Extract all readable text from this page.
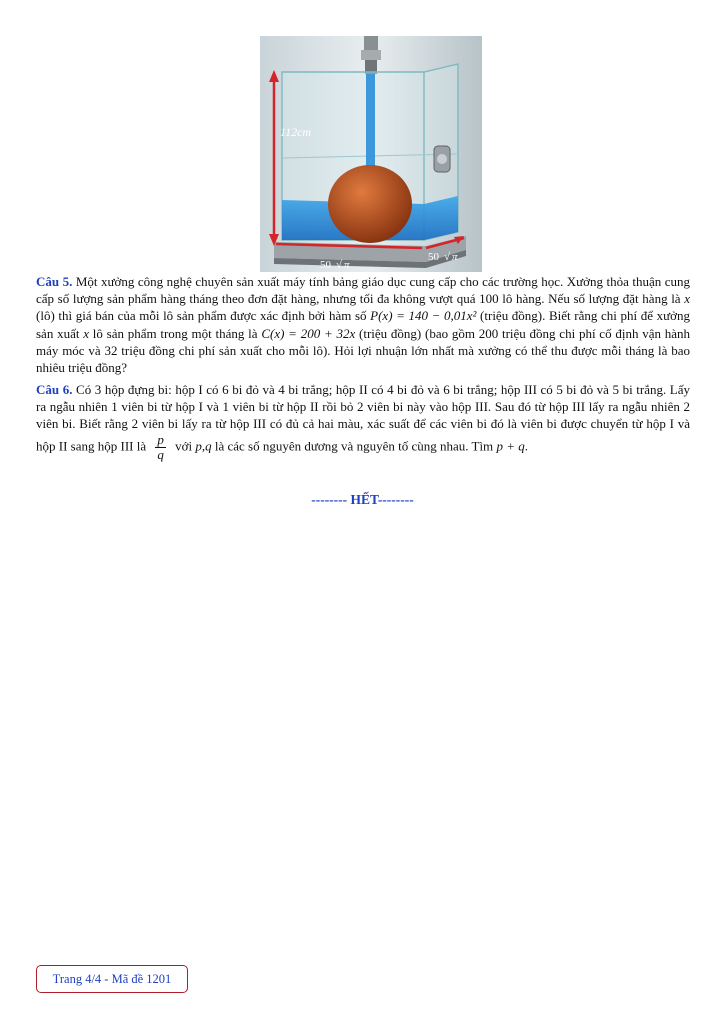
112cm
50 √ π
50 √ π
Câu 5. Một xưởng công nghệ chuyên sản xuất máy tính bảng giáo dục cung cấp cho các trường học. Xưởng thỏa thuận cung cấp số lượng sản phẩm hàng tháng theo đơn đặt hàng, nhưng tối đa không vượt quá 100 lô hàng. Nếu số lượng đặt hàng là x (lô) thì giá bán của mỗi lô sản phẩm được xác định bởi hàm số P(x) = 140 − 0,01x² (triệu đồng). Biết rằng chi phí để xưởng sản xuất x lô sản phẩm trong một tháng là C(x) = 200 + 32x (triệu đồng) (bao gồm 200 triệu đồng chi phí cố định vận hành máy móc và 32 triệu đồng chi phí sản xuất cho mỗi lô). Hỏi lợi nhuận lớn nhất mà xưởng có thể thu được mỗi tháng là bao nhiêu triệu đồng?
Câu 6. Có 3 hộp đựng bi: hộp I có 6 bi đỏ và 4 bi trắng; hộp II có 4 bi đỏ và 6 bi trắng; hộp III có 5 bi đỏ và 5 bi trắng. Lấy ra ngẫu nhiên 1 viên bi từ hộp I và 1 viên bi từ hộp II rồi bỏ 2 viên bi này vào hộp III. Sau đó từ hộp III lấy ra ngẫu nhiên 2 viên bi. Biết rằng 2 viên bi lấy ra từ hộp III có đủ cả hai màu, xác suất để các viên bi đó là viên bi được chuyển từ hộp I và hộp II sang hộp III là $\frac{p}{q}$ với p,q là các số nguyên dương và nguyên tố cùng nhau. Tìm p + q.
-------- HẾT--------
Trang 4/4 - Mã đề 1201
